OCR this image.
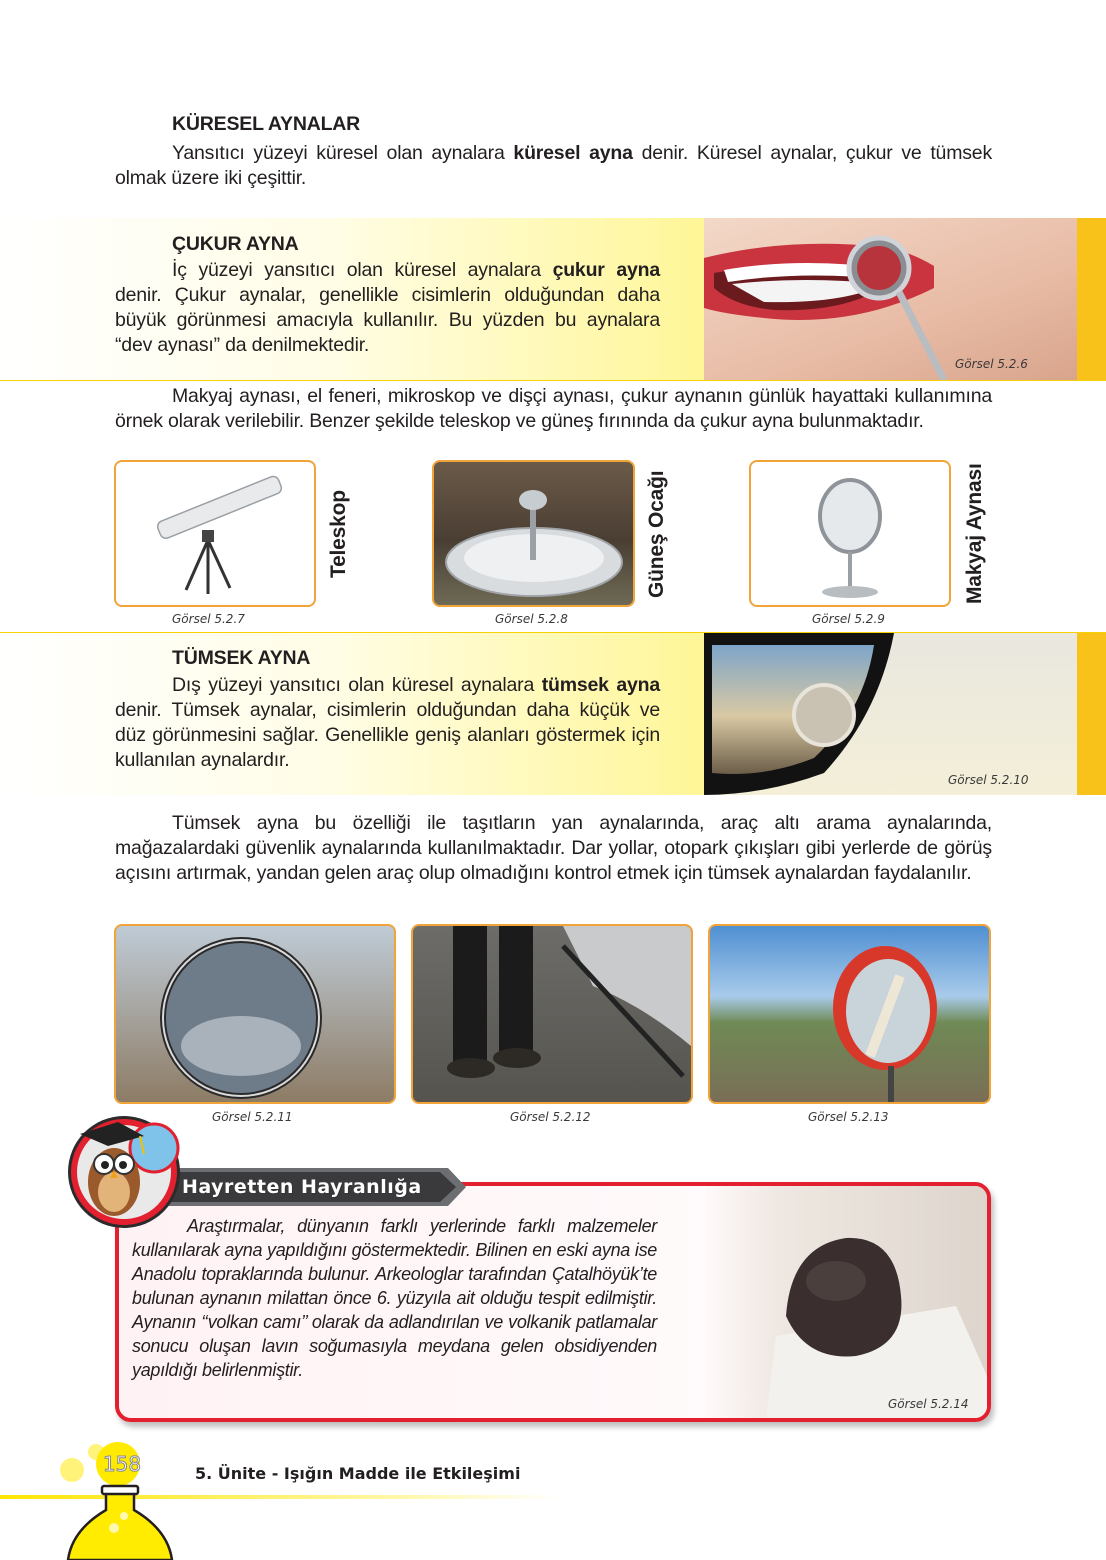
KÜRESEL AYNALAR

Yansıtıcı yüzeyi küresel olan aynalara küresel ayna denir. Küresel aynalar, çukur ve tümsek olmak üzere iki çeşittir.

ÇUKUR AYNA

İç yüzeyi yansıtıcı olan küresel aynalara çukur ayna denir. Çukur aynalar, genellikle cisimlerin olduğundan daha büyük görünmesi amacıyla kullanılır. Bu yüzden bu aynalara “dev aynası” da denilmektedir.

Görsel 5.2.6

Makyaj aynası, el feneri, mikroskop ve dişçi aynası, çukur aynanın günlük hayattaki kullanımına örnek olarak verilebilir. Benzer şekilde teleskop ve güneş fırınında da çukur ayna bulunmaktadır.

Teleskop
Görsel 5.2.7
Güneş Ocağı
Görsel 5.2.8
Makyaj Aynası
Görsel 5.2.9
TÜMSEK AYNA

Dış yüzeyi yansıtıcı olan küresel aynalara tümsek ayna denir. Tümsek aynalar, cisimlerin olduğundan daha küçük ve düz görünmesini sağlar. Genellikle geniş alanları göstermek için kullanılan aynalardır.

Görsel 5.2.10

Tümsek ayna bu özelliği ile taşıtların yan aynalarında, araç altı arama aynalarında, mağazalardaki güvenlik aynalarında kullanılmaktadır. Dar yollar, otopark çıkışları gibi yerlerde de görüş açısını artırmak, yandan gelen araç olup olmadığını kontrol etmek için tümsek aynalardan faydalanılır.

Görsel 5.2.11	Görsel 5.2.12	Görsel 5.2.13
Hayretten Hayranlığa

Araştırmalar, dünyanın farklı yerlerinde farklı malzemeler kullanılarak ayna yapıldığını göstermektedir. Bilinen en eski ayna ise Anadolu topraklarında bulunur. Arkeologlar tarafından Çatalhöyük’te bulunan aynanın milattan önce 6. yüzyıla ait olduğu tespit edilmiştir. Aynanın ‘‘volkan camı’’ olarak da adlandırılan ve volkanik patlamalar sonucu oluşan lavın soğumasıyla meydana gelen obsidiyenden yapıldığı belirlenmiştir.

Görsel 5.2.14
158	5. Ünite - Işığın Madde ile Etkileşimi
